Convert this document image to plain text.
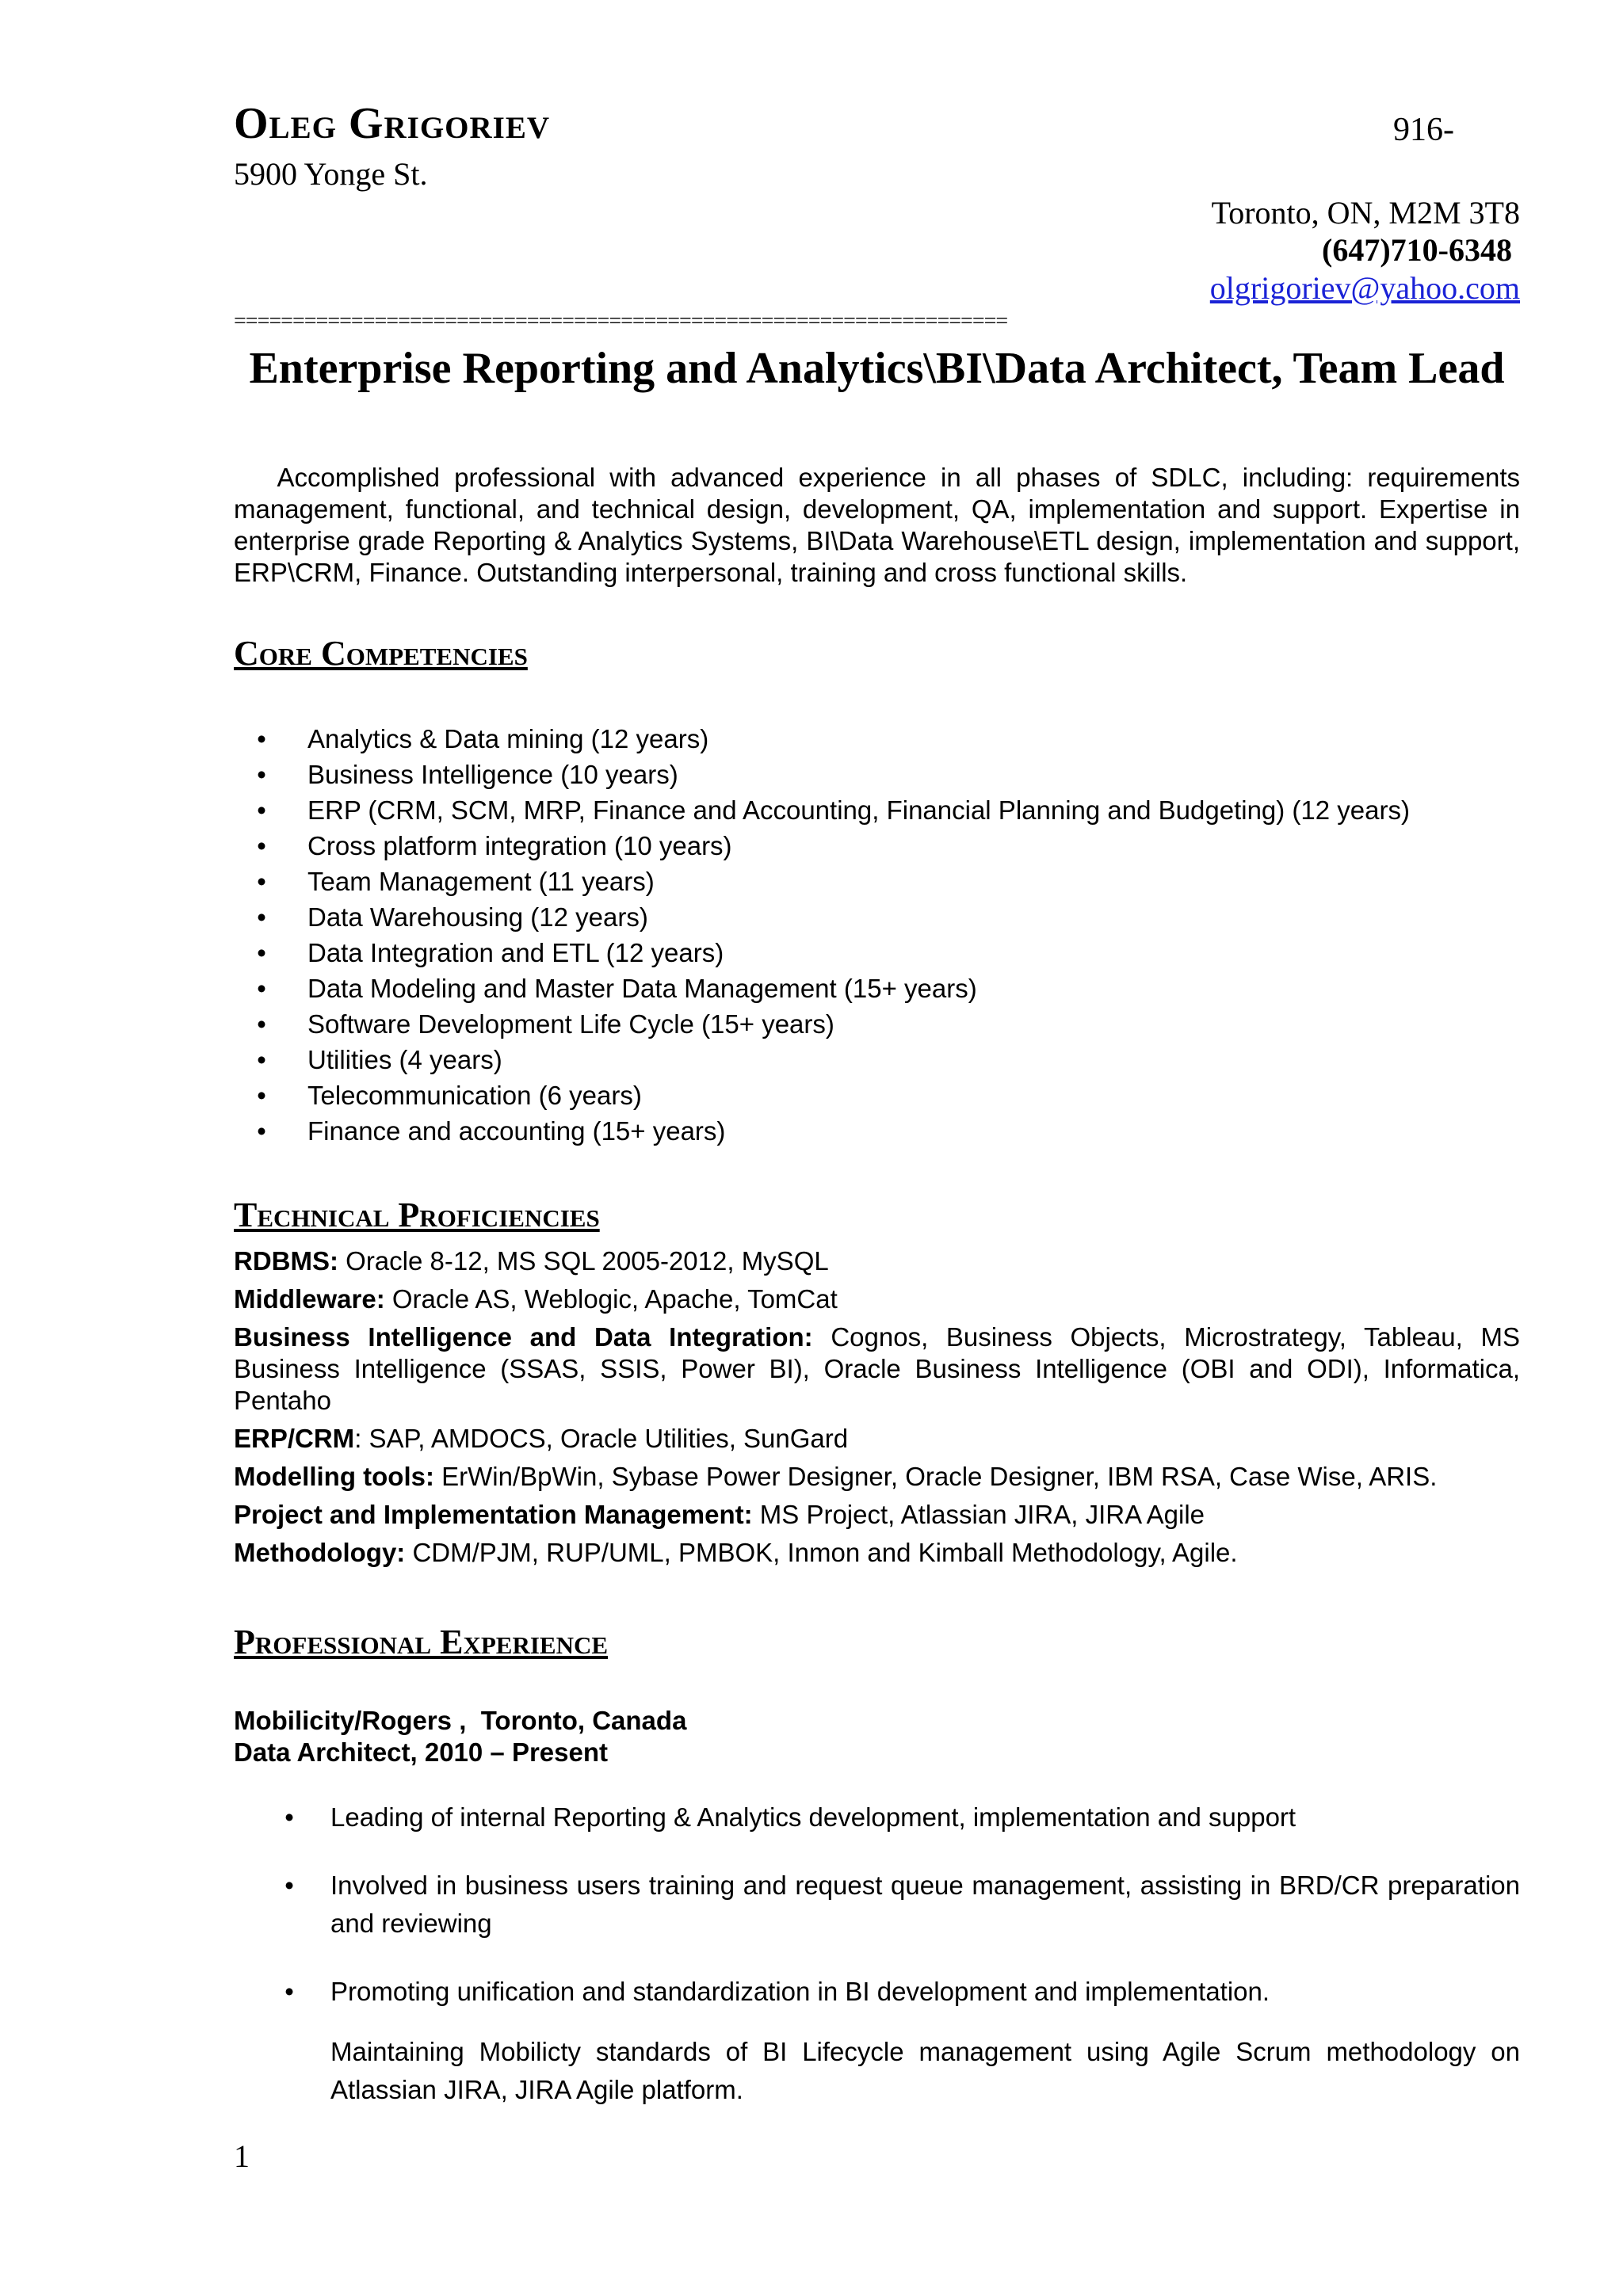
Oleg Grigoriev	916-
5900 Yonge St.
Toronto, ON, M2M 3T8
(647)710-6348
olgrigoriev@yahoo.com
==================================================================
Enterprise Reporting and Analytics\BI\Data Architect, Team Lead
Accomplished professional with advanced experience in all phases of SDLC, including: requirements management, functional, and technical design, development, QA, implementation and support. Expertise in enterprise grade Reporting & Analytics Systems, BI\Data Warehouse\ETL design, implementation and support, ERP\CRM, Finance. Outstanding interpersonal, training and cross functional skills.
Core Competencies
• Analytics & Data mining (12 years)
• Business Intelligence (10 years)
• ERP (CRM, SCM, MRP, Finance and Accounting, Financial Planning and Budgeting) (12 years)
• Cross platform integration (10 years)
• Team Management (11 years)
• Data Warehousing (12 years)
• Data Integration and ETL (12 years)
• Data Modeling and Master Data Management (15+ years)
• Software Development Life Cycle (15+ years)
• Utilities (4 years)
• Telecommunication (6 years)
• Finance and accounting (15+ years)
Technical Proficiencies

RDBMS: Oracle 8-12, MS SQL 2005-2012, MySQL

Middleware: Oracle AS, Weblogic, Apache, TomCat

Business Intelligence and Data Integration: Cognos, Business Objects, Microstrategy, Tableau, MS Business Intelligence (SSAS, SSIS, Power BI), Oracle Business Intelligence (OBI and ODI), Informatica, Pentaho

ERP/CRM: SAP, AMDOCS, Oracle Utilities, SunGard

Modelling tools: ErWin/BpWin, Sybase Power Designer, Oracle Designer, IBM RSA, Case Wise, ARIS.

Project and Implementation Management: MS Project, Atlassian JIRA, JIRA Agile

Methodology: CDM/PJM, RUP/UML, PMBOK, Inmon and Kimball Methodology, Agile.

Professional Experience
Mobilicity/Rogers ,  Toronto, Canada
Data Architect, 2010 – Present
• Leading of internal Reporting & Analytics development, implementation and support
• Involved in business users training and request queue management, assisting in BRD/CR preparation and reviewing
• Promoting unification and standardization in BI development and implementation.
Maintaining Mobilicty standards of BI Lifecycle management using Agile Scrum methodology on Atlassian JIRA, JIRA Agile platform.
1
